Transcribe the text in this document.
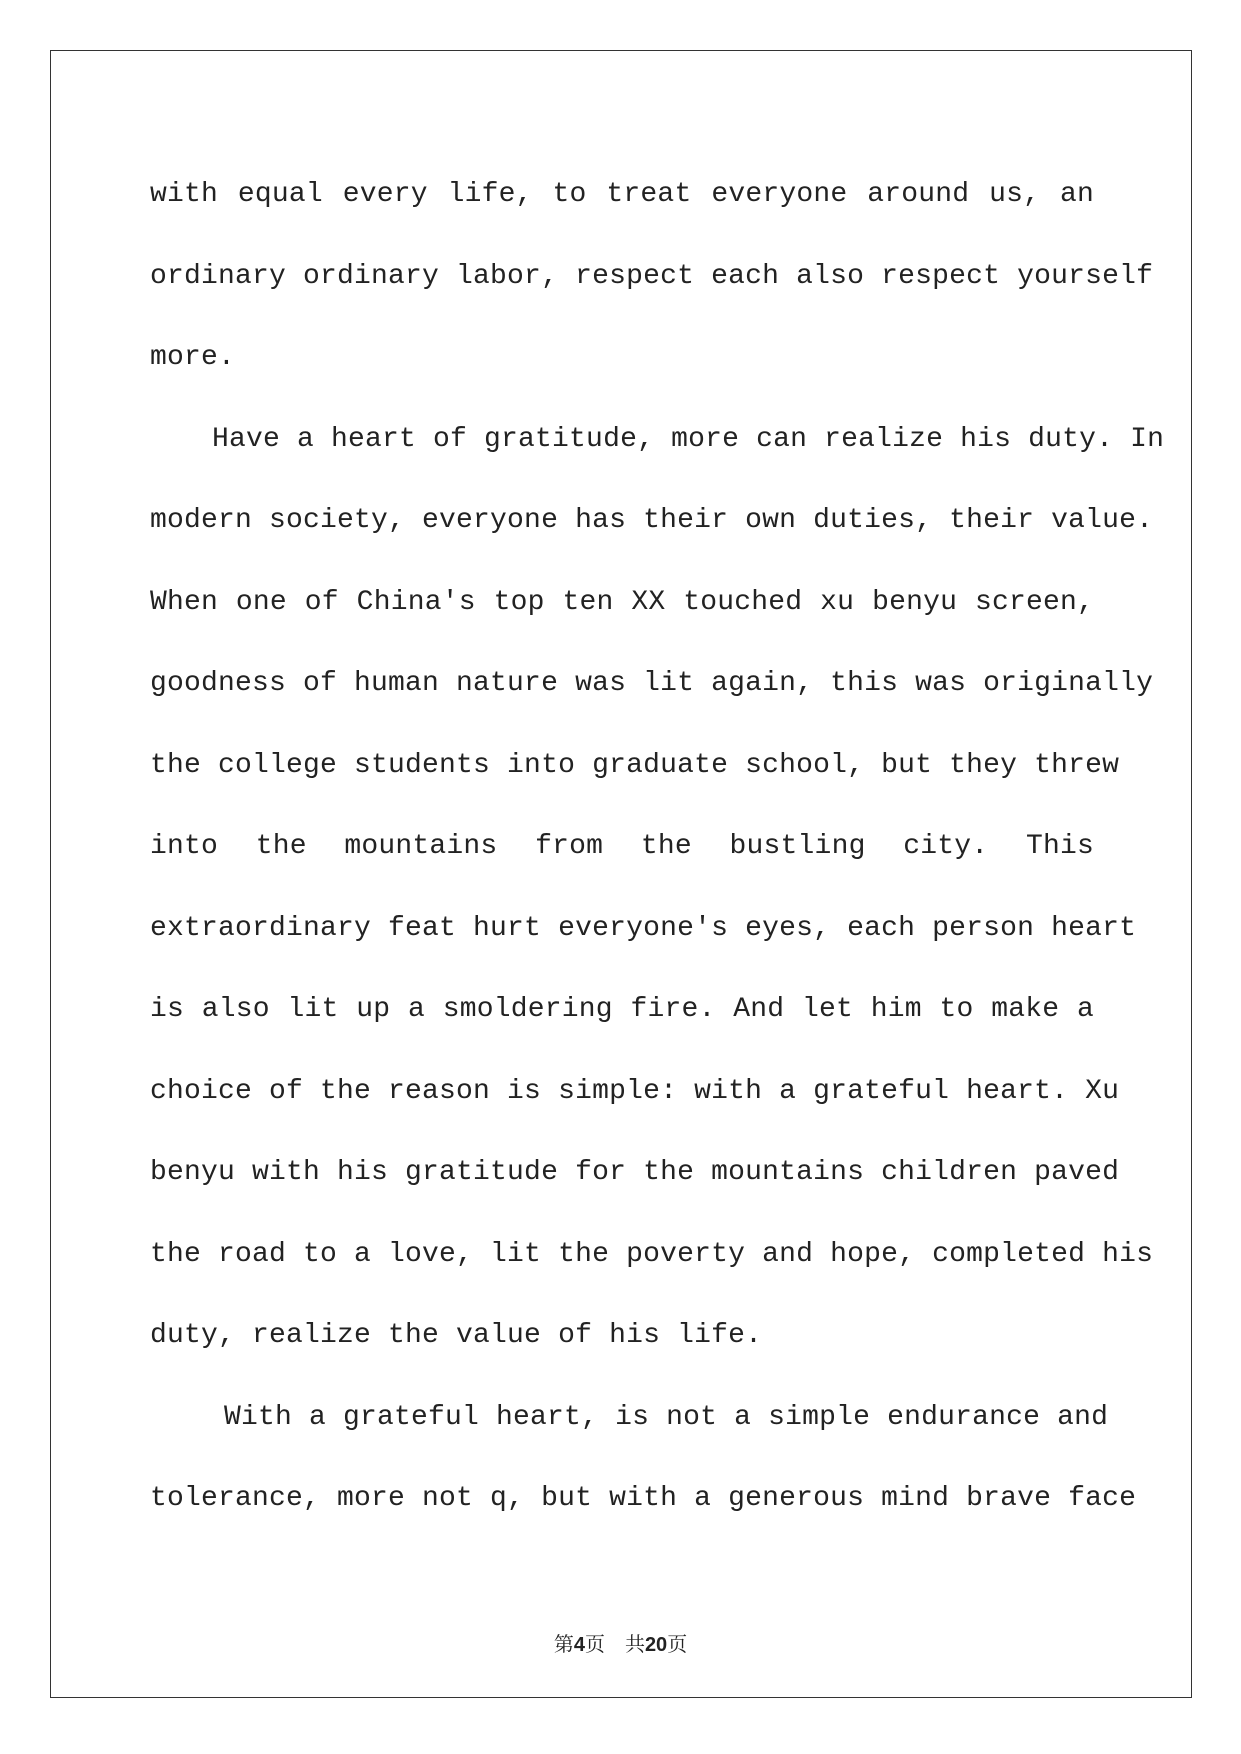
with equal every life, to treat everyone around us, an
ordinary ordinary labor, respect each also respect yourself
more.
Have a heart of gratitude, more can realize his duty. In
modern society, everyone has their own duties, their value.
When one of China's top ten XX touched xu benyu screen,
goodness of human nature was lit again, this was originally
the college students into graduate school, but they threw
into the mountains from the bustling city. This
extraordinary feat hurt everyone's eyes, each person heart
is also lit up a smoldering fire. And let him to make a
choice of the reason is simple: with a grateful heart. Xu
benyu with his gratitude for the mountains children paved
the road to a love, lit the poverty and hope, completed his
duty, realize the value of his life.
With a grateful heart, is not a simple endurance and
tolerance, more not q, but with a generous mind brave face
第4页 共20页
